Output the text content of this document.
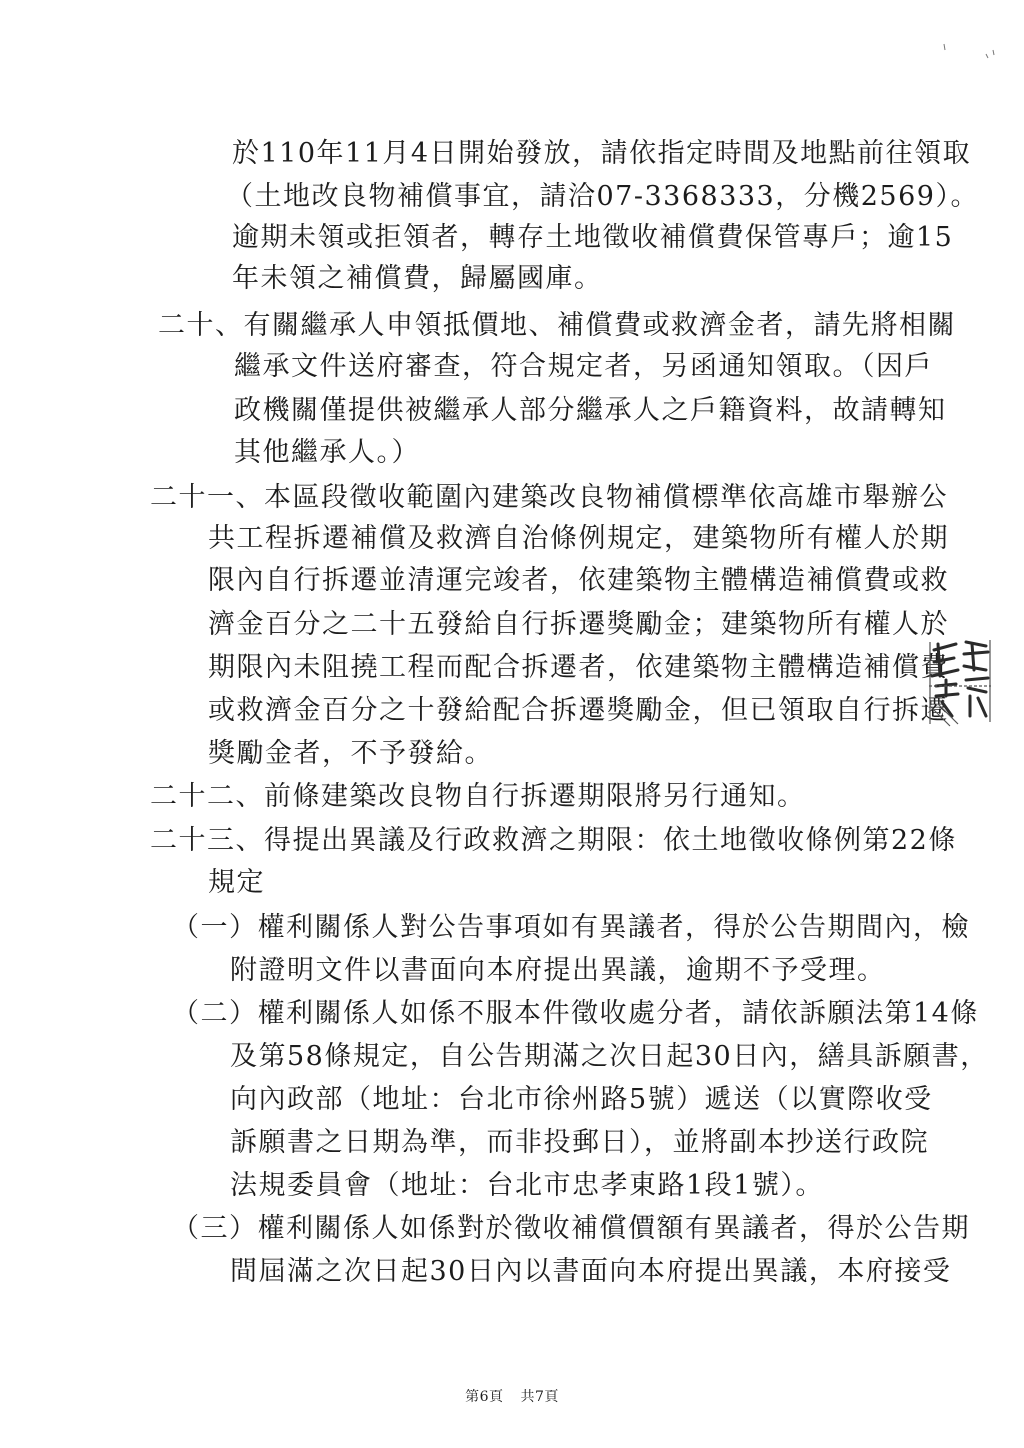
於110年11月4日開始發放，請依指定時間及地點前往領取
（土地改良物補償事宜，請洽07-3368333，分機2569）。
逾期未領或拒領者，轉存土地徵收補償費保管專戶；逾15
年未領之補償費，歸屬國庫。
二十、有關繼承人申領抵價地、補償費或救濟金者，請先將相關
繼承文件送府審查，符合規定者，另函通知領取。（因戶
政機關僅提供被繼承人部分繼承人之戶籍資料，故請轉知
其他繼承人。）
二十一、本區段徵收範圍內建築改良物補償標準依高雄市舉辦公
共工程拆遷補償及救濟自治條例規定，建築物所有權人於期
限內自行拆遷並清運完竣者，依建築物主體構造補償費或救
濟金百分之二十五發給自行拆遷獎勵金；建築物所有權人於
期限內未阻撓工程而配合拆遷者，依建築物主體構造補償費
或救濟金百分之十發給配合拆遷獎勵金，但已領取自行拆遷
獎勵金者，不予發給。
二十二、前條建築改良物自行拆遷期限將另行通知。
二十三、得提出異議及行政救濟之期限：依土地徵收條例第22條
規定
（一）權利關係人對公告事項如有異議者，得於公告期間內，檢
附證明文件以書面向本府提出異議，逾期不予受理。
（二）權利關係人如係不服本件徵收處分者，請依訴願法第14條
及第58條規定，自公告期滿之次日起30日內，繕具訴願書，
向內政部（地址：台北市徐州路5號）遞送（以實際收受
訴願書之日期為準，而非投郵日），並將副本抄送行政院
法規委員會（地址：台北市忠孝東路1段1號）。
（三）權利關係人如係對於徵收補償價額有異議者，得於公告期
間屆滿之次日起30日內以書面向本府提出異議，本府接受
第6頁 共7頁
